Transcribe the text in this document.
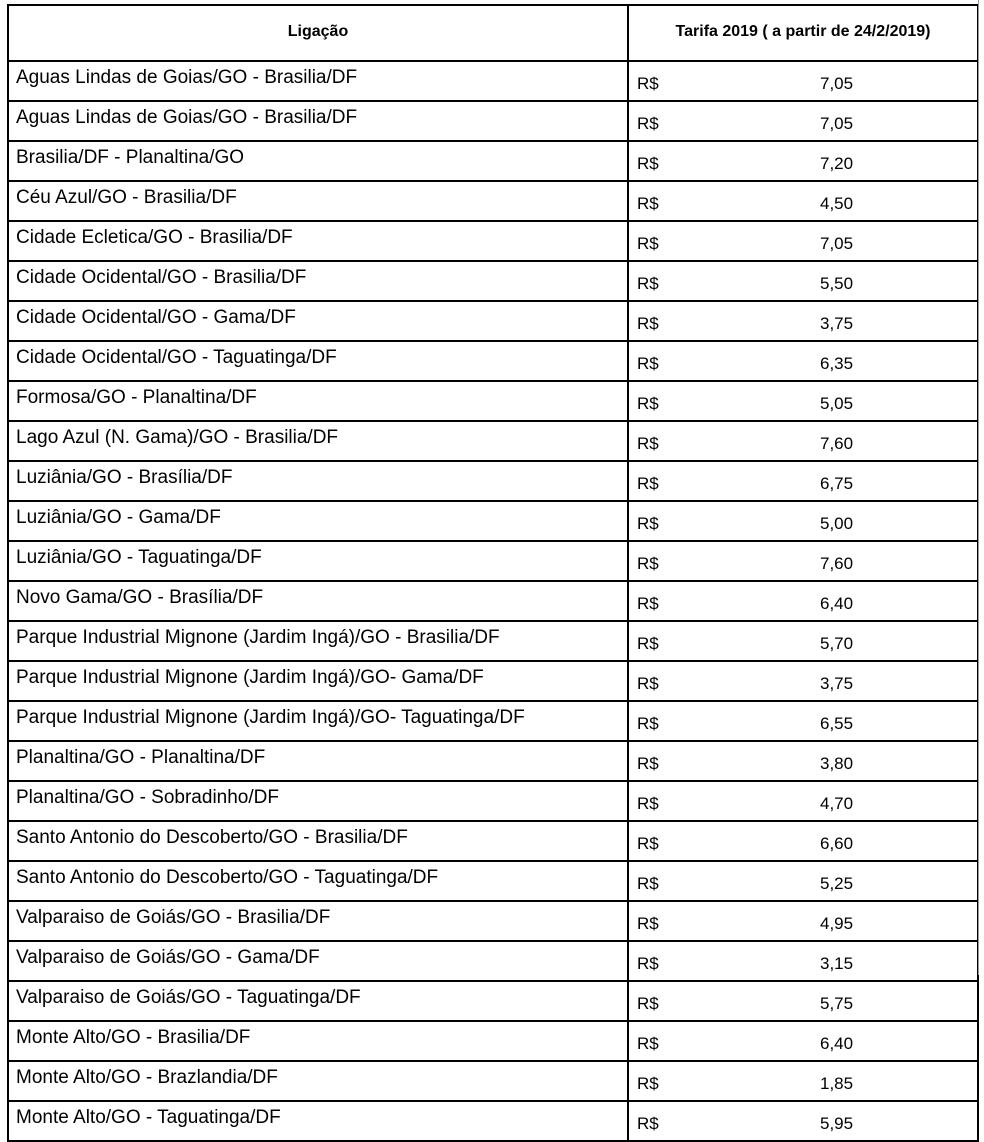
Ligação	Tarifa 2019 ( a partir de 24/2/2019)
Aguas Lindas de Goias/GO - Brasilia/DF	R$ 7,05

Aguas Lindas de Goias/GO - Brasilia/DF	R$ 7,05

Brasilia/DF - Planaltina/GO	R$ 7,20

Céu Azul/GO - Brasilia/DF	R$ 4,50

Cidade Ecletica/GO - Brasilia/DF	R$ 7,05

Cidade Ocidental/GO - Brasilia/DF	R$ 5,50

Cidade Ocidental/GO - Gama/DF	R$ 3,75

Cidade Ocidental/GO - Taguatinga/DF	R$ 6,35

Formosa/GO - Planaltina/DF	R$ 5,05

Lago Azul (N. Gama)/GO - Brasilia/DF	R$ 7,60

Luziânia/GO - Brasília/DF	R$ 6,75

Luziânia/GO - Gama/DF	R$ 5,00

Luziânia/GO - Taguatinga/DF	R$ 7,60

Novo Gama/GO - Brasília/DF	R$ 6,40

Parque Industrial Mignone (Jardim Ingá)/GO - Brasilia/DF	R$ 5,70

Parque Industrial Mignone (Jardim Ingá)/GO- Gama/DF	R$ 3,75

Parque Industrial Mignone (Jardim Ingá)/GO- Taguatinga/DF	R$ 6,55

Planaltina/GO - Planaltina/DF	R$ 3,80

Planaltina/GO - Sobradinho/DF	R$ 4,70

Santo Antonio do Descoberto/GO - Brasilia/DF	R$ 6,60

Santo Antonio do Descoberto/GO - Taguatinga/DF	R$ 5,25

Valparaiso de Goiás/GO - Brasilia/DF	R$ 4,95

Valparaiso de Goiás/GO - Gama/DF	R$ 3,15

Valparaiso de Goiás/GO - Taguatinga/DF	R$ 5,75

Monte Alto/GO - Brasilia/DF	R$ 6,40

Monte Alto/GO - Brazlandia/DF	R$ 1,85

Monte Alto/GO - Taguatinga/DF	R$ 5,95
